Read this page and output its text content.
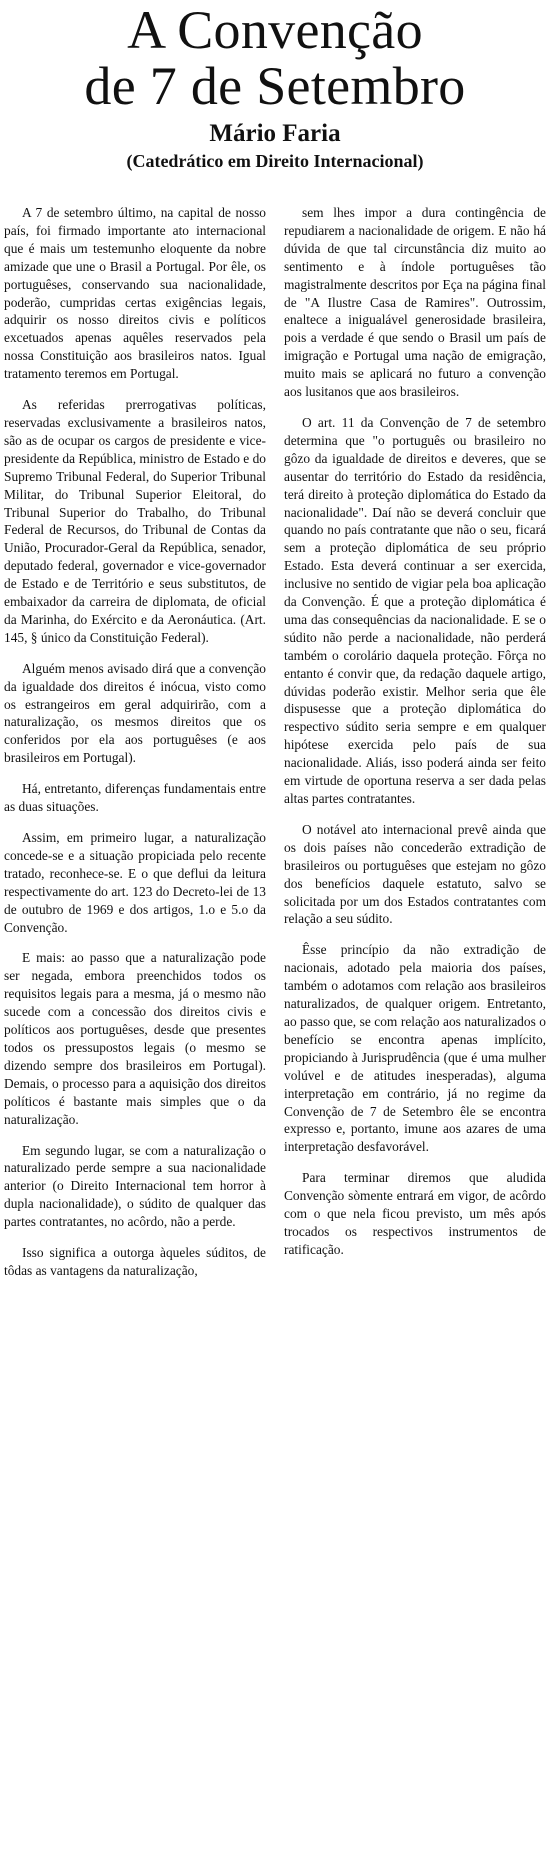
A Convenção
de 7 de Setembro
Mário Faria
(Catedrático em Direito Internacional)

A 7 de setembro último, na capital de nosso país, foi firmado importante ato internacional que é mais um testemunho eloquente da nobre amizade que une o Brasil a Portugal. Por êle, os portuguêses, conservando sua nacionalidade, poderão, cumpridas certas exigências legais, adquirir os nosso direitos civis e políticos excetuados apenas aquêles reservados pela nossa Constituição aos brasileiros natos. Igual tratamento teremos em Portugal.

As referidas prerrogativas políticas, reservadas exclusivamente a brasileiros natos, são as de ocupar os cargos de presidente e vice-presidente da República, ministro de Estado e do Supremo Tribunal Federal, do Superior Tribunal Militar, do Tribunal Superior Eleitoral, do Tribunal Superior do Trabalho, do Tribunal Federal de Recursos, do Tribunal de Contas da União, Procurador-Geral da República, senador, deputado federal, governador e vice-governador de Estado e de Território e seus substitutos, de embaixador da carreira de diplomata, de oficial da Marinha, do Exército e da Aeronáutica. (Art. 145, § único da Constituição Federal).

Alguém menos avisado dirá que a convenção da igualdade dos direitos é inócua, visto como os estrangeiros em geral adquirirão, com a naturalização, os mesmos direitos que os conferidos por ela aos portuguêses (e aos brasileiros em Portugal).

Há, entretanto, diferenças fundamentais entre as duas situações.

Assim, em primeiro lugar, a naturalização concede-se e a situação propiciada pelo recente tratado, reconhece-se. E o que deflui da leitura respectivamente do art. 123 do Decreto-lei de 13 de outubro de 1969 e dos artigos, 1.o e 5.o da Convenção.

E mais: ao passo que a naturalização pode ser negada, embora preenchidos todos os requisitos legais para a mesma, já o mesmo não sucede com a concessão dos direitos civis e políticos aos portuguêses, desde que presentes todos os pressupostos legais (o mesmo se dizendo sempre dos brasileiros em Portugal). Demais, o processo para a aquisição dos direitos políticos é bastante mais simples que o da naturalização.

Em segundo lugar, se com a naturalização o naturalizado perde sempre a sua nacionalidade anterior (o Direito Internacional tem horror à dupla nacionalidade), o súdito de qualquer das partes contratantes, no acôrdo, não a perde.

Isso significa a outorga àqueles súditos, de tôdas as vantagens da naturalização,

sem lhes impor a dura contingência de repudiarem a nacionalidade de origem. E não há dúvida de que tal circunstância diz muito ao sentimento e à índole portuguêses tão magistralmente descritos por Eça na página final de "A Ilustre Casa de Ramires". Outrossim, enaltece a inigualável generosidade brasileira, pois a verdade é que sendo o Brasil um país de imigração e Portugal uma nação de emigração, muito mais se aplicará no futuro a convenção aos lusitanos que aos brasileiros.

O art. 11 da Convenção de 7 de setembro determina que "o português ou brasileiro no gôzo da igualdade de direitos e deveres, que se ausentar do território do Estado da residência, terá direito à proteção diplomática do Estado da nacionalidade". Daí não se deverá concluir que quando no país contratante que não o seu, ficará sem a proteção diplomática de seu próprio Estado. Esta deverá continuar a ser exercida, inclusive no sentido de vigiar pela boa aplicação da Convenção. É que a proteção diplomática é uma das consequências da nacionalidade. E se o súdito não perde a nacionalidade, não perderá também o corolário daquela proteção. Fôrça no entanto é convir que, da redação daquele artigo, dúvidas poderão existir. Melhor seria que êle dispusesse que a proteção diplomática do respectivo súdito seria sempre e em qualquer hipótese exercida pelo país de sua nacionalidade. Aliás, isso poderá ainda ser feito em virtude de oportuna reserva a ser dada pelas altas partes contratantes.

O notável ato internacional prevê ainda que os dois países não concederão extradição de brasileiros ou portuguêses que estejam no gôzo dos benefícios daquele estatuto, salvo se solicitada por um dos Estados contratantes com relação a seu súdito.

Êsse princípio da não extradição de nacionais, adotado pela maioria dos países, também o adotamos com relação aos brasileiros naturalizados, de qualquer origem. Entretanto, ao passo que, se com relação aos naturalizados o benefício se encontra apenas implícito, propiciando à Jurisprudência (que é uma mulher volúvel e de atitudes inesperadas), alguma interpretação em contrário, já no regime da Convenção de 7 de Setembro êle se encontra expresso e, portanto, imune aos azares de uma interpretação desfavorável.

Para terminar diremos que aludida Convenção sòmente entrará em vigor, de acôrdo com o que nela ficou previsto, um mês após trocados os respectivos instrumentos de ratificação.
